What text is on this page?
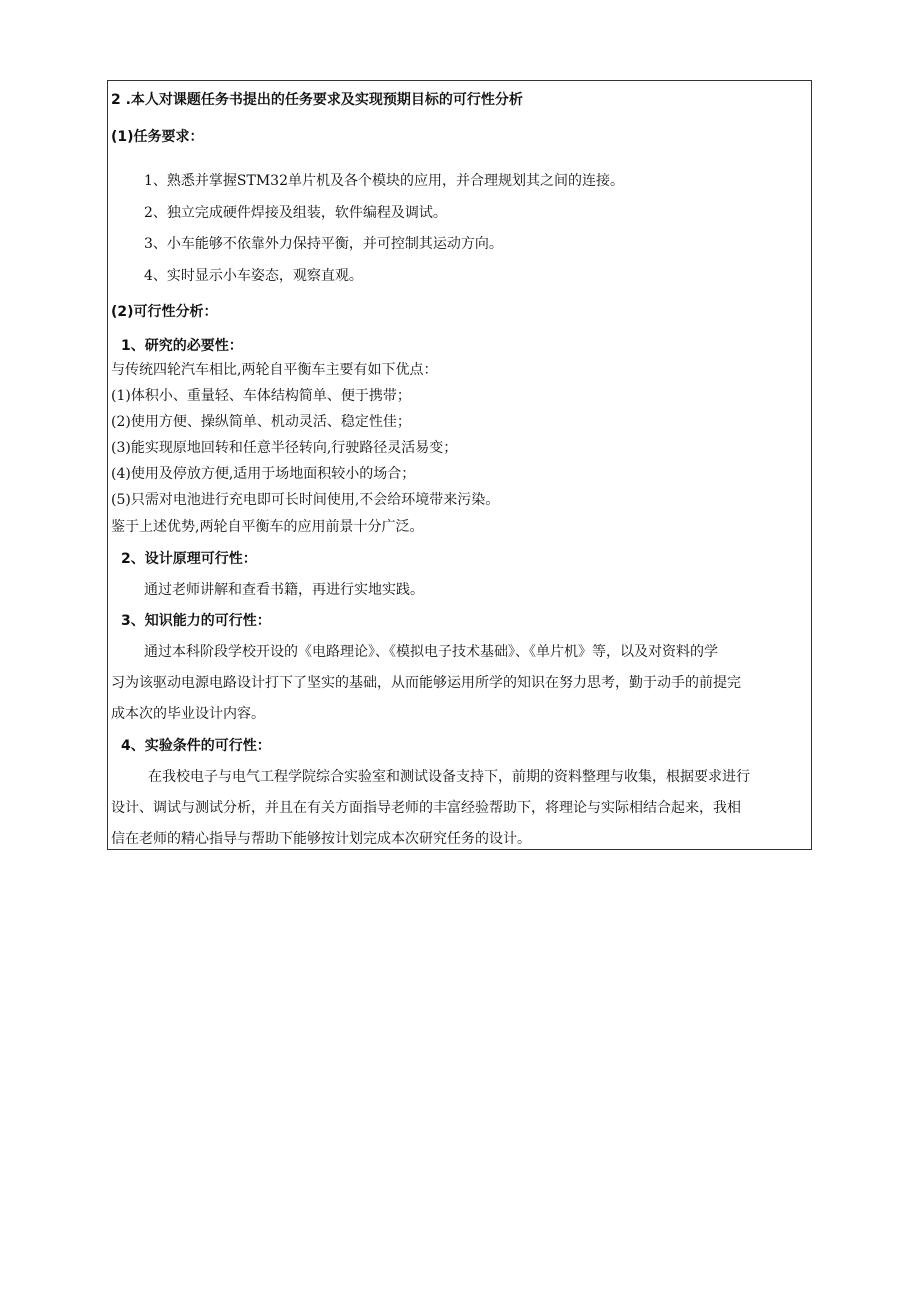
2 .本人对课题任务书提出的任务要求及实现预期目标的可行性分析
(1)任务要求：
1、熟悉并掌握STM32单片机及各个模块的应用，并合理规划其之间的连接。
2、独立完成硬件焊接及组装，软件编程及调试。
3、小车能够不依靠外力保持平衡，并可控制其运动方向。
4、实时显示小车姿态，观察直观。
(2)可行性分析：
1、研究的必要性：
与传统四轮汽车相比,两轮自平衡车主要有如下优点：
(1)体积小、重量轻、车体结构简单、便于携带；
(2)使用方便、操纵简单、机动灵活、稳定性佳；
(3)能实现原地回转和任意半径转向,行驶路径灵活易变；
(4)使用及停放方便,适用于场地面积较小的场合；
(5)只需对电池进行充电即可长时间使用,不会给环境带来污染。
鉴于上述优势,两轮自平衡车的应用前景十分广泛。
2、设计原理可行性：
通过老师讲解和查看书籍，再进行实地实践。
3、知识能力的可行性：
通过本科阶段学校开设的《电路理论》、《模拟电子技术基础》、《单片机》等，以及对资料的学
习为该驱动电源电路设计打下了坚实的基础，从而能够运用所学的知识在努力思考，勤于动手的前提完
成本次的毕业设计内容。
4、实验条件的可行性：
在我校电子与电气工程学院综合实验室和测试设备支持下，前期的资料整理与收集，根据要求进行
设计、调试与测试分析，并且在有关方面指导老师的丰富经验帮助下，将理论与实际相结合起来，我相
信在老师的精心指导与帮助下能够按计划完成本次研究任务的设计。
